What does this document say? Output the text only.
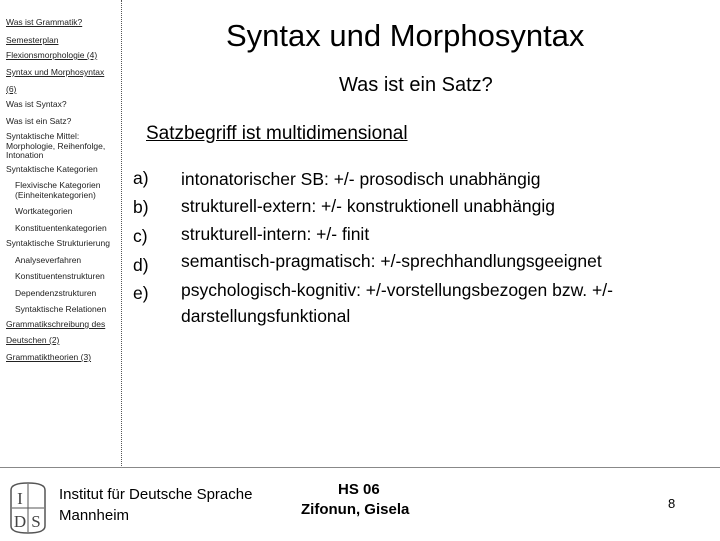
Was ist Grammatik?
Semesterplan
Flexionsmorphologie (4)
Syntax und Morphosyntax
(6)
Was ist Syntax?
Was ist ein Satz?
Syntaktische Mittel: Morphologie, Reihenfolge, Intonation
Syntaktische Kategorien
Flexivische Kategorien (Einheitenkategorien)
Wortkategorien
Konstituentenkategorien
Syntaktische Strukturierung
Analyseverfahren
Konstituentenstrukturen
Dependenzstrukturen
Syntaktische Relationen
Grammatikschreibung des
Deutschen (2)
Grammatiktheorien (3)
Syntax und Morphosyntax
Was ist ein Satz?
Satzbegriff ist multidimensional
a) intonatorischer SB: +/- prosodisch unabhängig
b) strukturell-extern: +/- konstruktionell unabhängig
c) strukturell-intern: +/- finit
d) semantisch-pragmatisch: +/-sprechhandlungsgeeignet
e) psychologisch-kognitiv: +/-vorstellungsbezogen bzw. +/-
darstellungsfunktional
I
D S
Institut für Deutsche Sprache
Mannheim
HS 06
Zifonun, Gisela	8
